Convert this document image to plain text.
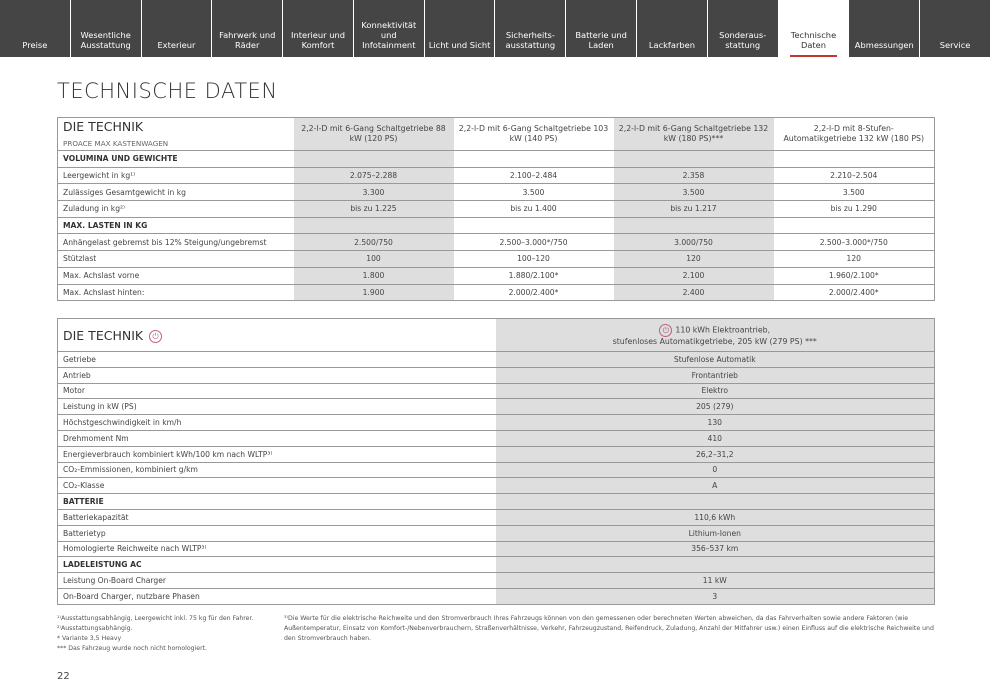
Preise
Wesentliche Ausstattung	Exterieur
Fahrwerk und Räder
Interieur und Komfort
Konnektivität und Infotainment	Licht und Sicht
Sicherheits-ausstattung
Batterie und Laden	Lackfarben
Sonderaus-stattung
Technische Daten	Abmessungen	Service
TECHNISCHE DATEN
DIE TECHNIK
PROACE MAX KASTENWAGEN	2,2-l-D mit 6-Gang Schaltgetriebe 88 kW (120 PS)	2,2-l-D mit 6-Gang Schaltgetriebe 103 kW (140 PS)	2,2-l-D mit 6-Gang Schaltgetriebe 132 kW (180 PS)***	2,2-l-D mit 8-Stufen-Automatikgetriebe 132 kW (180 PS)
VOLUMINA UND GEWICHTE				
Leergewicht in kg¹⁾	2.075–2.288	2.100–2.484	2.358	2.210–2.504
Zulässiges Gesamtgewicht in kg	3.300	3.500	3.500	3.500
Zuladung in kg²⁾	bis zu 1.225	bis zu 1.400	bis zu 1.217	bis zu 1.290
MAX. LASTEN IN KG				
Anhängelast gebremst bis 12% Steigung/ungebremst	2.500/750	2.500–3.000*/750	3.000/750	2.500–3.000*/750
Stützlast	100	100–120	120	120
Max. Achslast vorne	1.800	1.880/2.100*	2.100	1.960/2.100*
Max. Achslast hinten:	1.900	2.000/2.400*	2.400	2.000/2.400*
DIE TECHNIK ⏻	⏻ 110 kWh Elektroantrieb,
stufenloses Automatikgetriebe, 205 kW (279 PS) ***
Getriebe	Stufenlose Automatik
Antrieb	Frontantrieb
Motor	Elektro
Leistung in kW (PS)	205 (279)
Höchstgeschwindigkeit in km/h	130
Drehmoment Nm	410
Energieverbrauch kombiniert kWh/100 km nach WLTP³⁾	26,2–31,2
CO₂-Emmissionen, kombiniert g/km	0
CO₂-Klasse	A
BATTERIE	
Batteriekapazität	110,6 kWh
Batterietyp	Lithium-Ionen
Homologierte Reichweite nach WLTP³⁾	356–537 km
LADELEISTUNG AC	
Leistung On-Board Charger	11 kW
On-Board Charger, nutzbare Phasen	3
¹⁾Ausstattungsabhängig, Leergewicht inkl. 75 kg für den Fahrer.
²⁾Ausstattungsabhängig.
* Variante 3,5 Heavy
*** Das Fahrzeug wurde noch nicht homologiert.
³⁾Die Werte für die elektrische Reichweite und den Stromverbrauch Ihres Fahrzeugs können von den gemessenen oder berechneten Werten abweichen, da das Fahrverhalten sowie andere Faktoren (wie Außentemperatur, Einsatz von Komfort-/Nebenverbrauchern, Straßenverhältnisse, Verkehr, Fahrzeugzustand, Reifendruck, Zuladung, Anzahl der Mitfahrer usw.) einen Einfluss auf die elektrische Reichweite und den Stromverbrauch haben.
22
